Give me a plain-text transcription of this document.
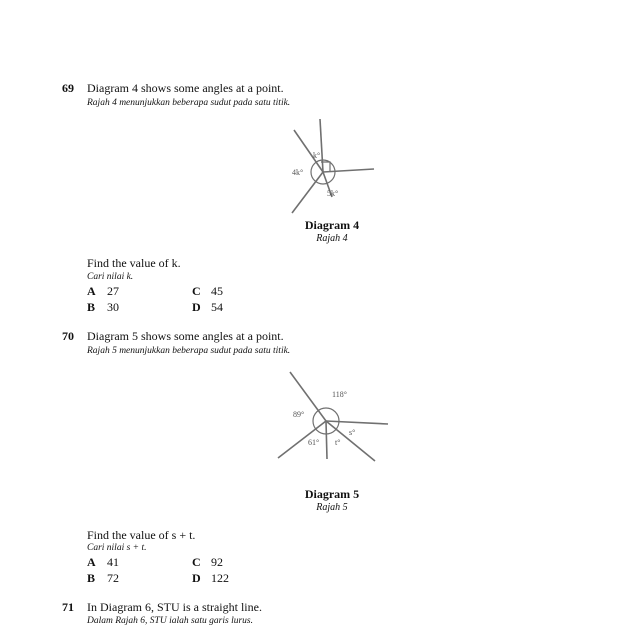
69 Diagram 4 shows some angles at a point.
Rajah 4 menunjukkan beberapa sudut pada satu titik.
k°
4k°
5k°
Diagram 4
Rajah 4
Find the value of k.
Cari nilai k.
A 27	C 45
B 30	D 54
70 Diagram 5 shows some angles at a point.
Rajah 5 menunjukkan beberapa sudut pada satu titik.
118°
89°
s°
61° t°
Diagram 5
Rajah 5
Find the value of s + t.
Cari nilai s + t.
A 41	C 92
B 72	D 122
71 In Diagram 6, STU is a straight line.
Dalam Rajah 6, STU ialah satu garis lurus.
